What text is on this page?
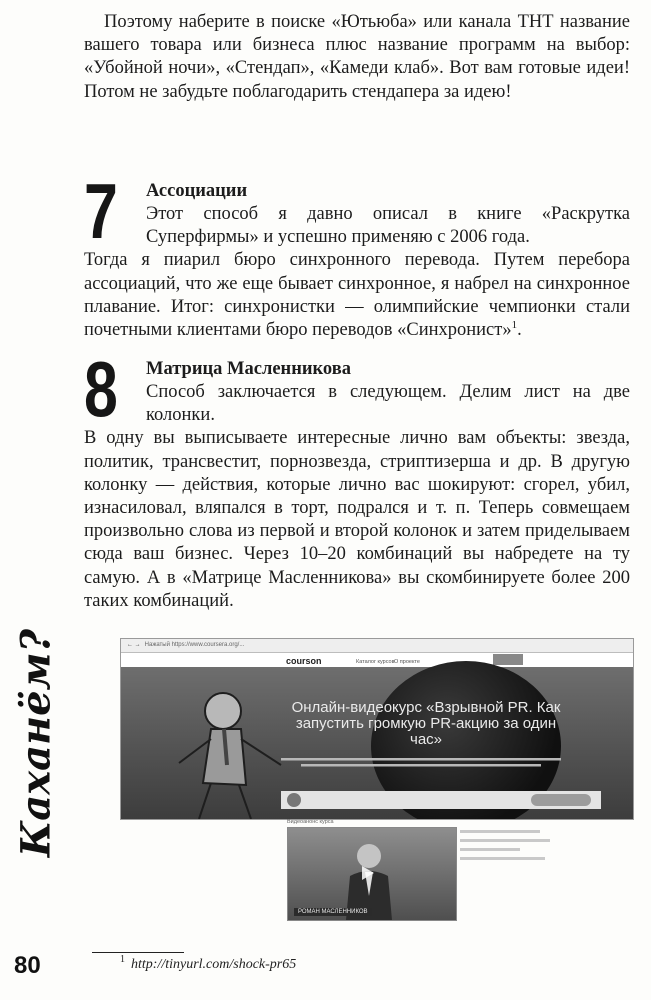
Поэтому наберите в поиске «Ютьюба» или канала ТНТ название вашего товара или бизнеса плюс название программ на выбор: «Убойной ночи», «Стендап», «Камеди клаб». Вот вам готовые идеи! Потом не забудьте поблагодарить стендапера за идею!

7 Ассоциации

Этот способ я давно описал в книге «Раскрутка Суперфирмы» и успешно применяю с 2006 года.
Тогда я пиарил бюро синхронного перевода. Путем перебора ассоциаций, что же еще бывает синхронное, я набрел на синхронное плавание. Итог: синхронистки — олимпийские чемпионки стали почетными клиентами бюро переводов «Синхронист»$^1$.

8 Матрица Масленникова

Способ заключается в следующем. Делим лист на две колонки.
В одну вы выписываете интересные лично вам объекты: звезда, политик, трансвестит, порнозвезда, стриптизерша и др. В другую колонку — действия, которые лично вас шокируют: сгорел, убил, изнасиловал, вляпался в торт, подрался и т. п. Теперь совмещаем произвольно слова из первой и второй колонок и затем приделываем сюда ваш бизнес. Через 10–20 комбинаций вы набредете на ту самую. А в «Матрице Масленникова» вы скомбинируете более 200 таких комбинаций.

Каханём?	← → Нажатый https://www.coursera.org/...
courson	Каталог курсов О проекте
Онлайн-видеокурс «Взрывной PR. Как запустить громкую PR-акцию за один час»
Видеоанонс курса
РОМАН МАСЛЕННИКОВ
80	$^1$ http://tinyurl.com/shock-pr65
